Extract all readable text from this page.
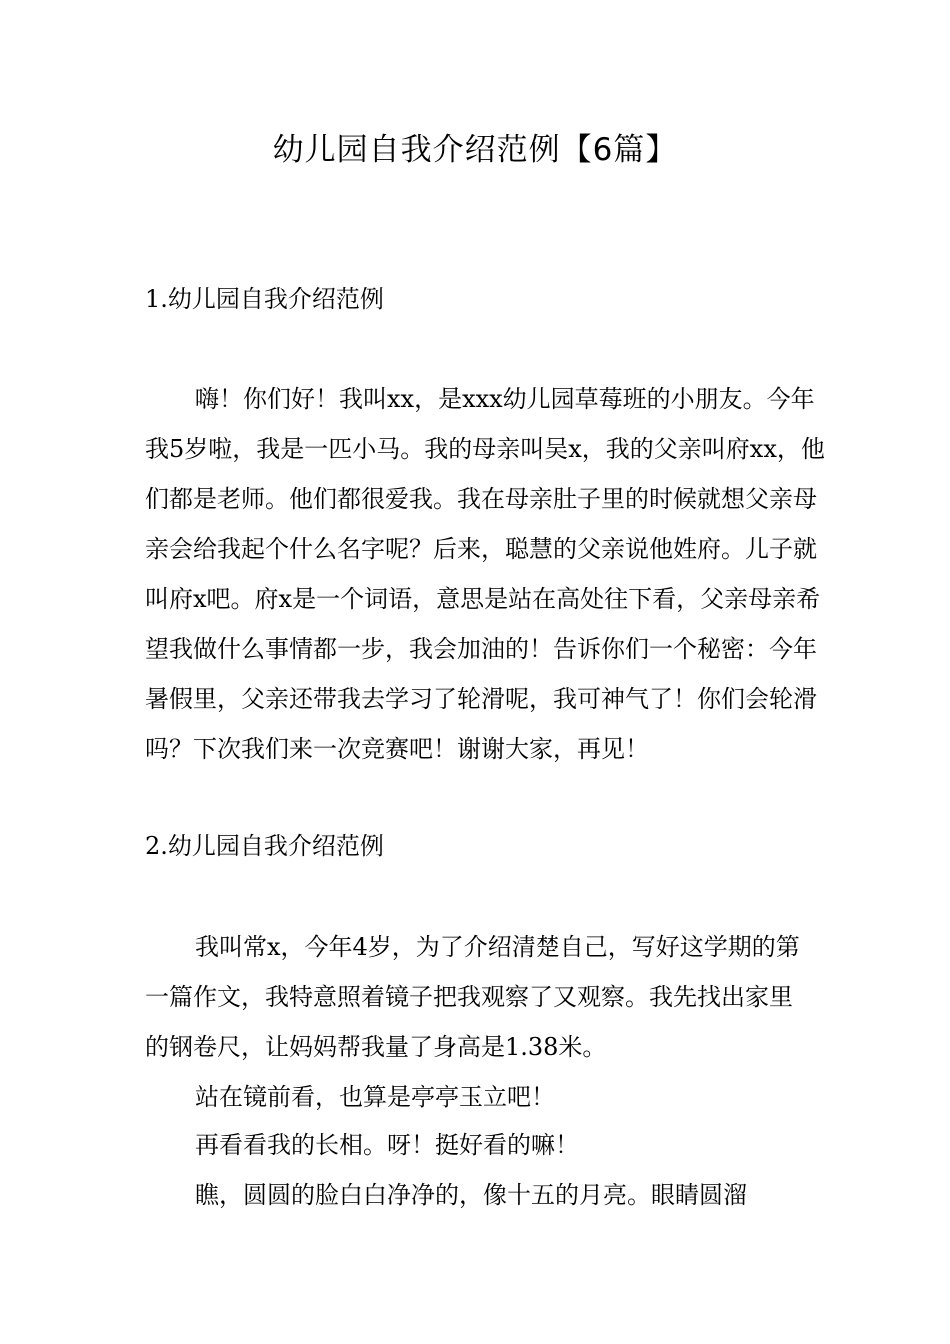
幼儿园自我介绍范例【6篇】
1.幼儿园自我介绍范例
嗨！你们好！我叫xx，是xxx幼儿园草莓班的小朋友。今年我5岁啦，我是一匹小马。我的母亲叫吴x，我的父亲叫府xx，他们都是老师。他们都很爱我。我在母亲肚子里的时候就想父亲母亲会给我起个什么名字呢？后来，聪慧的父亲说他姓府。儿子就叫府x吧。府x是一个词语，意思是站在高处往下看，父亲母亲希望我做什么事情都一步，我会加油的！告诉你们一个秘密：今年暑假里，父亲还带我去学习了轮滑呢，我可神气了！你们会轮滑吗？下次我们来一次竞赛吧！谢谢大家，再见！
2.幼儿园自我介绍范例
我叫常x，今年4岁，为了介绍清楚自己，写好这学期的第一篇作文，我特意照着镜子把我观察了又观察。我先找出家里的钢卷尺，让妈妈帮我量了身高是1.38米。
站在镜前看，也算是亭亭玉立吧！
再看看我的长相。呀！挺好看的嘛！
瞧，圆圆的脸白白净净的，像十五的月亮。眼睛圆溜
